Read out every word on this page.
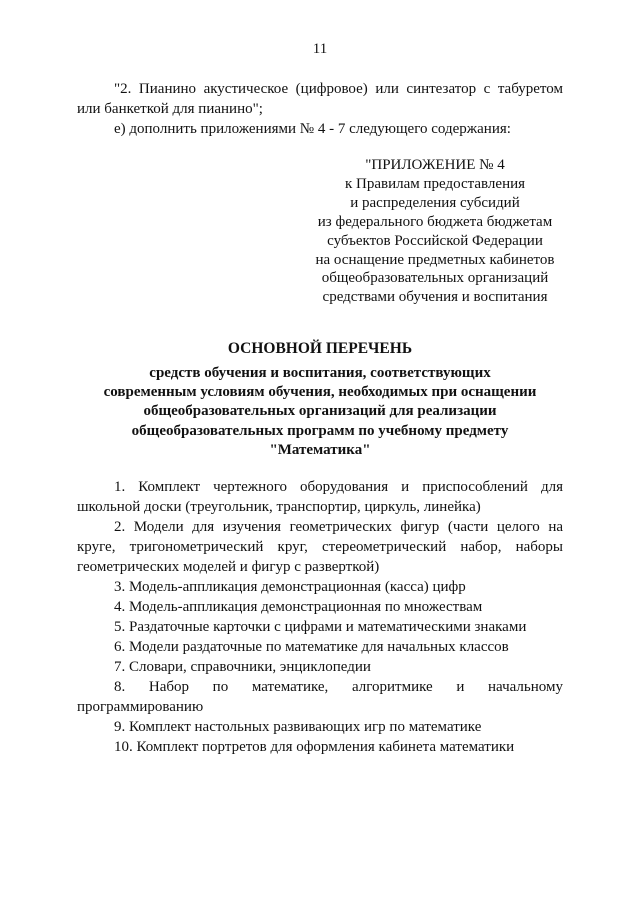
11

"2. Пианино акустическое (цифровое) или синтезатор с табуретом или банкеткой для пианино";

е) дополнить приложениями № 4 - 7 следующего содержания:

"ПРИЛОЖЕНИЕ № 4
к Правилам предоставления
и распределения субсидий
из федерального бюджета бюджетам
субъектов Российской Федерации
на оснащение предметных кабинетов
общеобразовательных организаций
средствами обучения и воспитания
ОСНОВНОЙ ПЕРЕЧЕНЬ
средств обучения и воспитания, соответствующих
современным условиям обучения, необходимых при оснащении
общеобразовательных организаций для реализации
общеобразовательных программ по учебному предмету
"Математика"

1. Комплект чертежного оборудования и приспособлений для школьной доски (треугольник, транспортир, циркуль, линейка)

2. Модели для изучения геометрических фигур (части целого на круге, тригонометрический круг, стереометрический набор, наборы геометрических моделей и фигур с разверткой)

3. Модель-аппликация демонстрационная (касса) цифр

4. Модель-аппликация демонстрационная по множествам

5. Раздаточные карточки с цифрами и математическими знаками

6. Модели раздаточные по математике для начальных классов

7. Словари, справочники, энциклопедии

8. Набор по математике, алгоритмике и начальному программированию

9. Комплект настольных развивающих игр по математике

10. Комплект портретов для оформления кабинета математики
